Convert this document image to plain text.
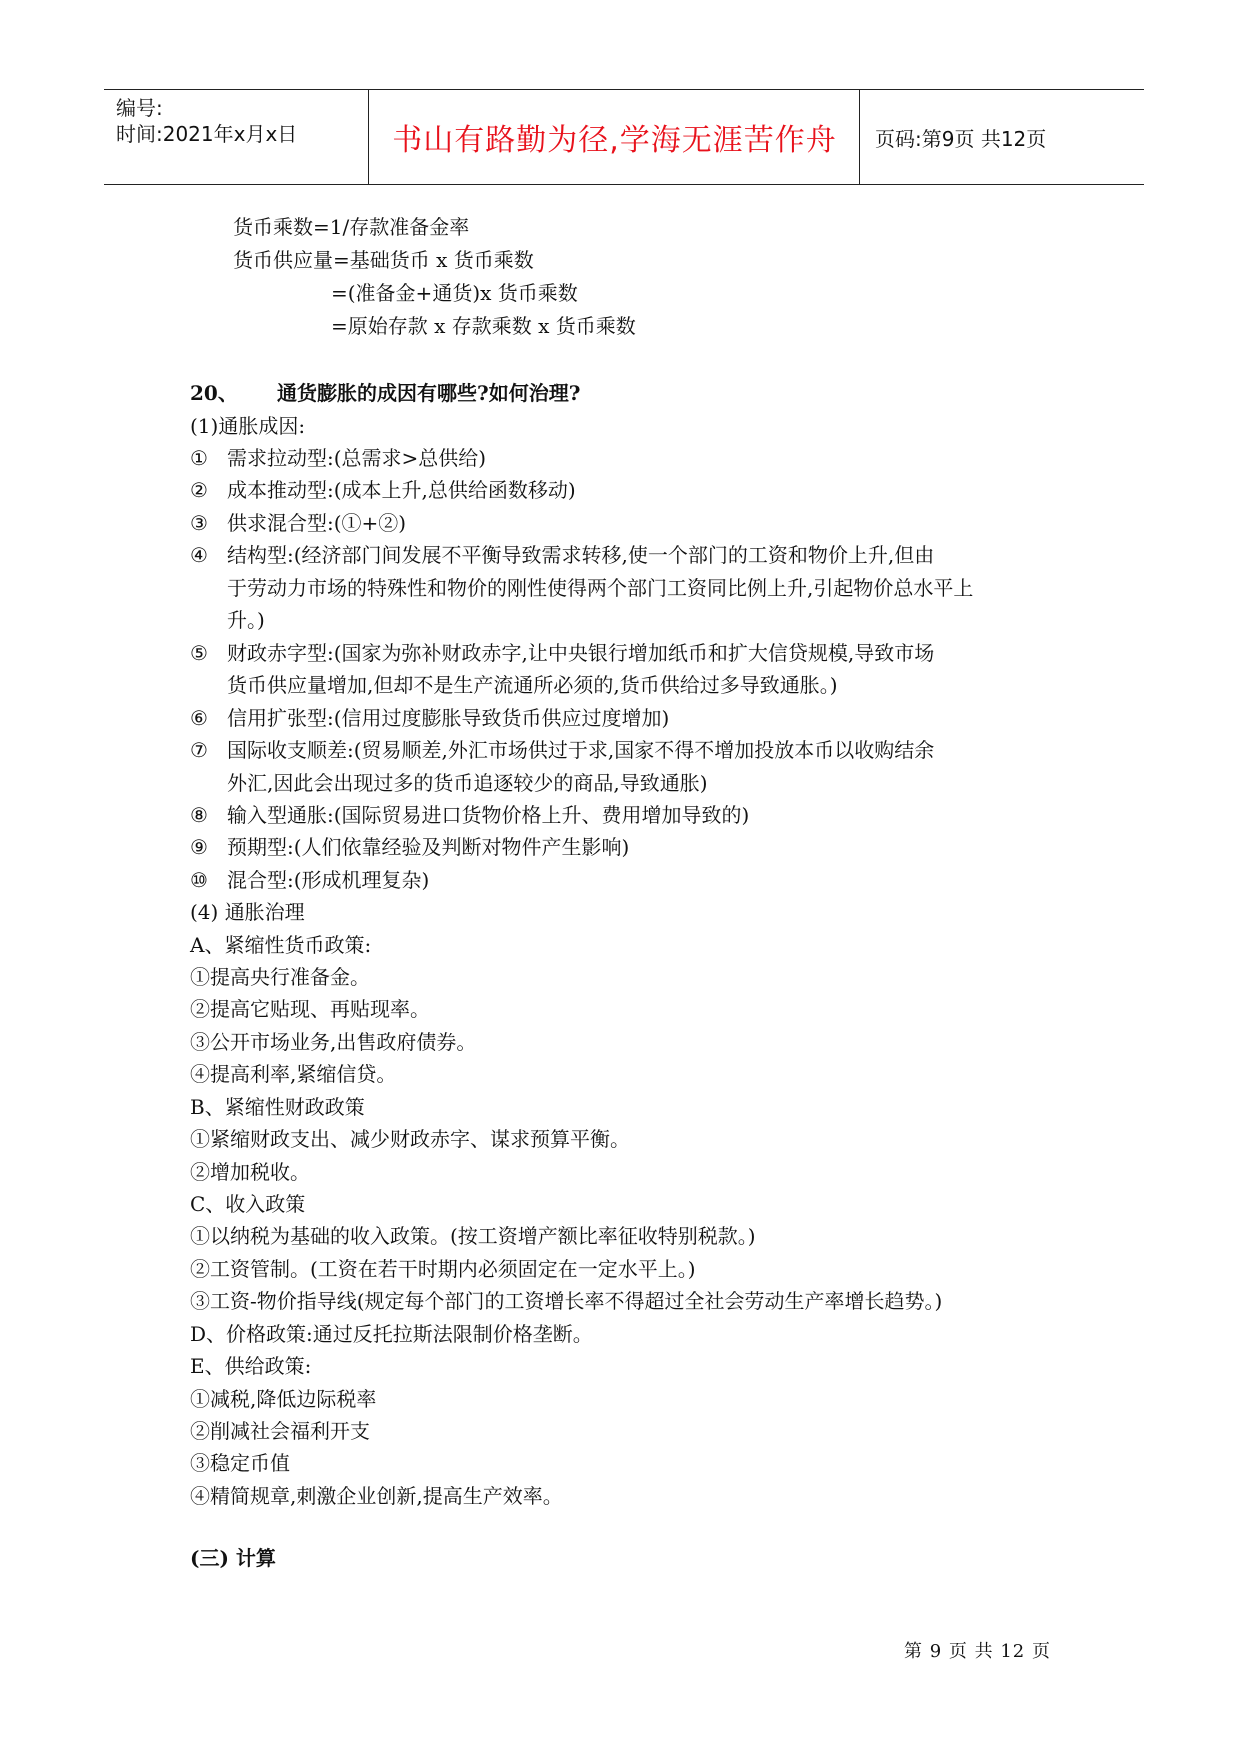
编号:
时间:2021年x月x日	书山有路勤为径,学海无涯苦作舟 页码:第9页 共12页
货币乘数=1/存款准备金率
货币供应量=基础货币 x 货币乘数
=(准备金+通货)x 货币乘数
=原始存款 x 存款乘数 x 货币乘数
20、 通货膨胀的成因有哪些?如何治理?
(1)通胀成因:
① 需求拉动型:(总需求>总供给)
② 成本推动型:(成本上升,总供给函数移动)
③ 供求混合型:(①+②)
④ 结构型:(经济部门间发展不平衡导致需求转移,使一个部门的工资和物价上升,但由
于劳动力市场的特殊性和物价的刚性使得两个部门工资同比例上升,引起物价总水平上
升。)
⑤ 财政赤字型:(国家为弥补财政赤字,让中央银行增加纸币和扩大信贷规模,导致市场
货币供应量增加,但却不是生产流通所必须的,货币供给过多导致通胀。)
⑥ 信用扩张型:(信用过度膨胀导致货币供应过度增加)
⑦ 国际收支顺差:(贸易顺差,外汇市场供过于求,国家不得不增加投放本币以收购结余
外汇,因此会出现过多的货币追逐较少的商品,导致通胀)
⑧ 输入型通胀:(国际贸易进口货物价格上升、费用增加导致的)
⑨ 预期型:(人们依靠经验及判断对物件产生影响)
⑩ 混合型:(形成机理复杂)
(4) 通胀治理
A、紧缩性货币政策:
①提高央行准备金。
②提高它贴现、再贴现率。
③公开市场业务,出售政府债券。
④提高利率,紧缩信贷。
B、紧缩性财政政策
①紧缩财政支出、减少财政赤字、谋求预算平衡。
②增加税收。
C、收入政策
①以纳税为基础的收入政策。(按工资增产额比率征收特别税款。)
②工资管制。(工资在若干时期内必须固定在一定水平上。)
③工资-物价指导线(规定每个部门的工资增长率不得超过全社会劳动生产率增长趋势。)
D、价格政策:通过反托拉斯法限制价格垄断。
E、供给政策:
①减税,降低边际税率
②削减社会福利开支
③稳定币值
④精简规章,刺激企业创新,提高生产效率。
(三) 计算
第 9 页 共 12 页
